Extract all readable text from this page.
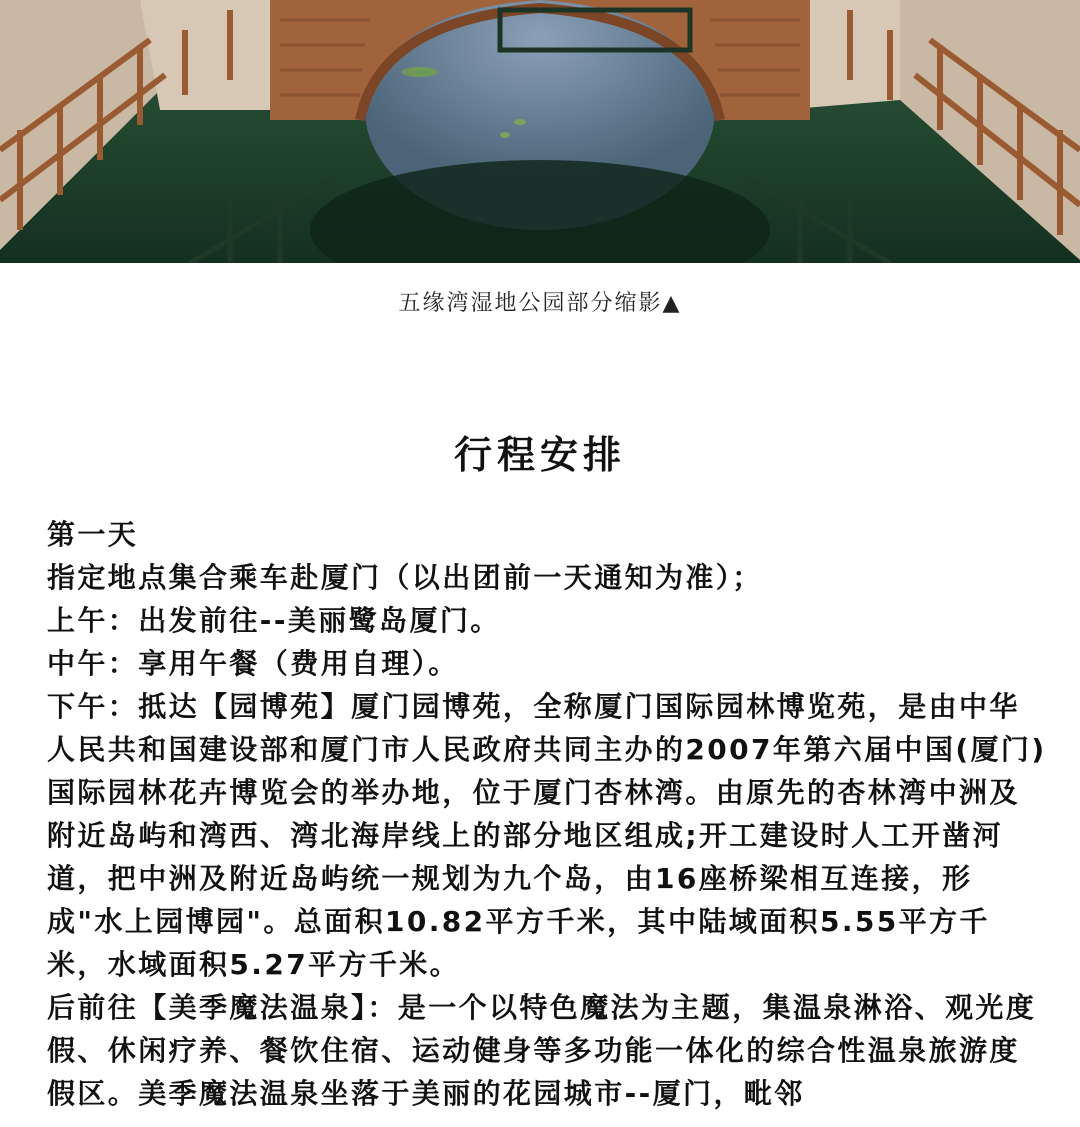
五缘湾湿地公园部分缩影▲
行程安排

第一天

指定地点集合乘车赴厦门（以出团前一天通知为准）；

上午：出发前往--美丽鹭岛厦门。

中午：享用午餐（费用自理）。

下午：抵达【园博苑】厦门园博苑，全称厦门国际园林博览苑，是由中华人民共和国建设部和厦门市人民政府共同主办的2007年第六届中国(厦门)国际园林花卉博览会的举办地，位于厦门杏林湾。由原先的杏林湾中洲及附近岛屿和湾西、湾北海岸线上的部分地区组成;开工建设时人工开凿河道，把中洲及附近岛屿统一规划为九个岛，由16座桥梁相互连接，形成"水上园博园"。总面积10.82平方千米，其中陆域面积5.55平方千米，水域面积5.27平方千米。

后前往【美季魔法温泉】：是一个以特色魔法为主题，集温泉淋浴、观光度假、休闲疗养、餐饮住宿、运动健身等多功能一体化的综合性温泉旅游度假区。美季魔法温泉坐落于美丽的花园城市--厦门，毗邻
